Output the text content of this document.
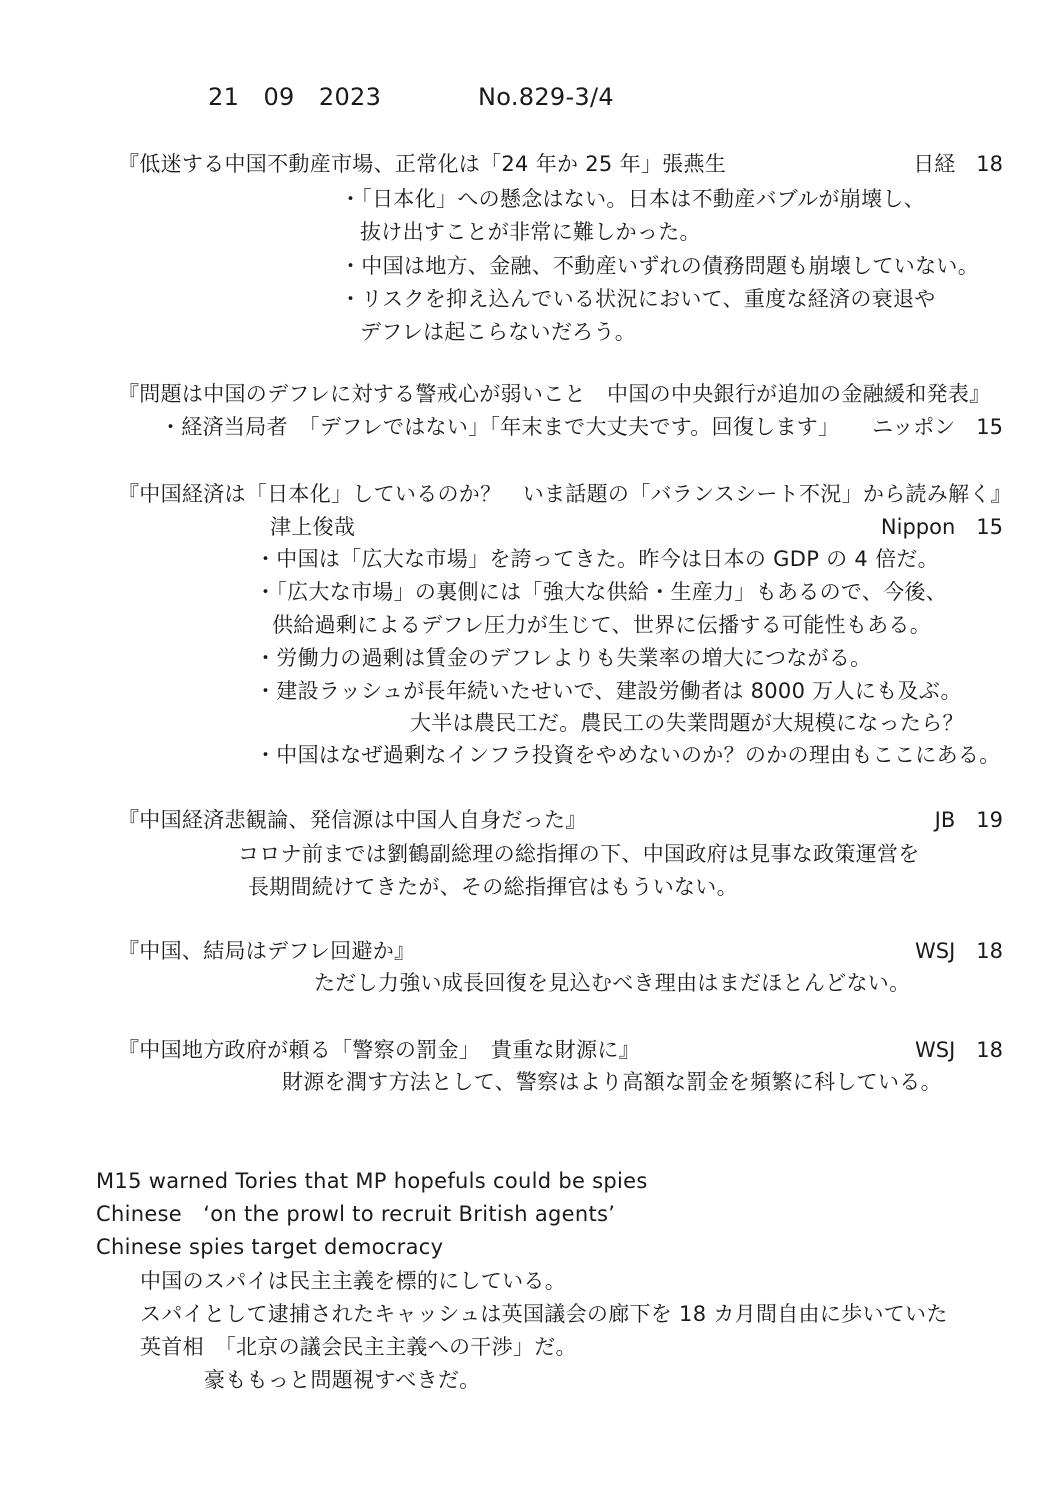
21　09　2023	No.829-3/4
『低迷する中国不動産市場、正常化は「24 年か 25 年」張燕生	日経　18
・「日本化」への懸念はない。日本は不動産バブルが崩壊し、
抜け出すことが非常に難しかった。
・中国は地方、金融、不動産いずれの債務問題も崩壊していない。
・リスクを抑え込んでいる状況において、重度な経済の衰退や
デフレは起こらないだろう。
『問題は中国のデフレに対する警戒心が弱いこと　中国の中央銀行が追加の金融緩和発表』
・経済当局者　「デフレではない」「年末まで大丈夫です。回復します」 ニッポン　15
『中国経済は「日本化」しているのか？　いま話題の「バランスシート不況」から読み解く』
津上俊哉	Nippon　15
・中国は「広大な市場」を誇ってきた。昨今は日本の GDP の 4 倍だ。
・「広大な市場」の裏側には「強大な供給・生産力」もあるので、今後、
供給過剰によるデフレ圧力が生じて、世界に伝播する可能性もある。
・労働力の過剰は賃金のデフレよりも失業率の増大につながる。
・建設ラッシュが長年続いたせいで、建設労働者は 8000 万人にも及ぶ。
大半は農民工だ。農民工の失業問題が大規模になったら？
・中国はなぜ過剰なインフラ投資をやめないのか？のかの理由もここにある。
『中国経済悲観論、発信源は中国人自身だった』	JB　19
コロナ前までは劉鶴副総理の総指揮の下、中国政府は見事な政策運営を
長期間続けてきたが、その総指揮官はもういない。
『中国、結局はデフレ回避か』	WSJ　18
ただし力強い成長回復を見込むべき理由はまだほとんどない。
『中国地方政府が頼る「警察の罰金」　貴重な財源に』	WSJ　18
財源を潤す方法として、警察はより高額な罰金を頻繁に科している。
M15 warned Tories that MP hopefuls could be spies
Chinese　‘on the prowl to recruit British agents’
Chinese spies target democracy
中国のスパイは民主主義を標的にしている。
スパイとして逮捕されたキャッシュは英国議会の廊下を 18 カ月間自由に歩いていた
英首相　「北京の議会民主主義への干渉」だ。
豪ももっと問題視すべきだ。
